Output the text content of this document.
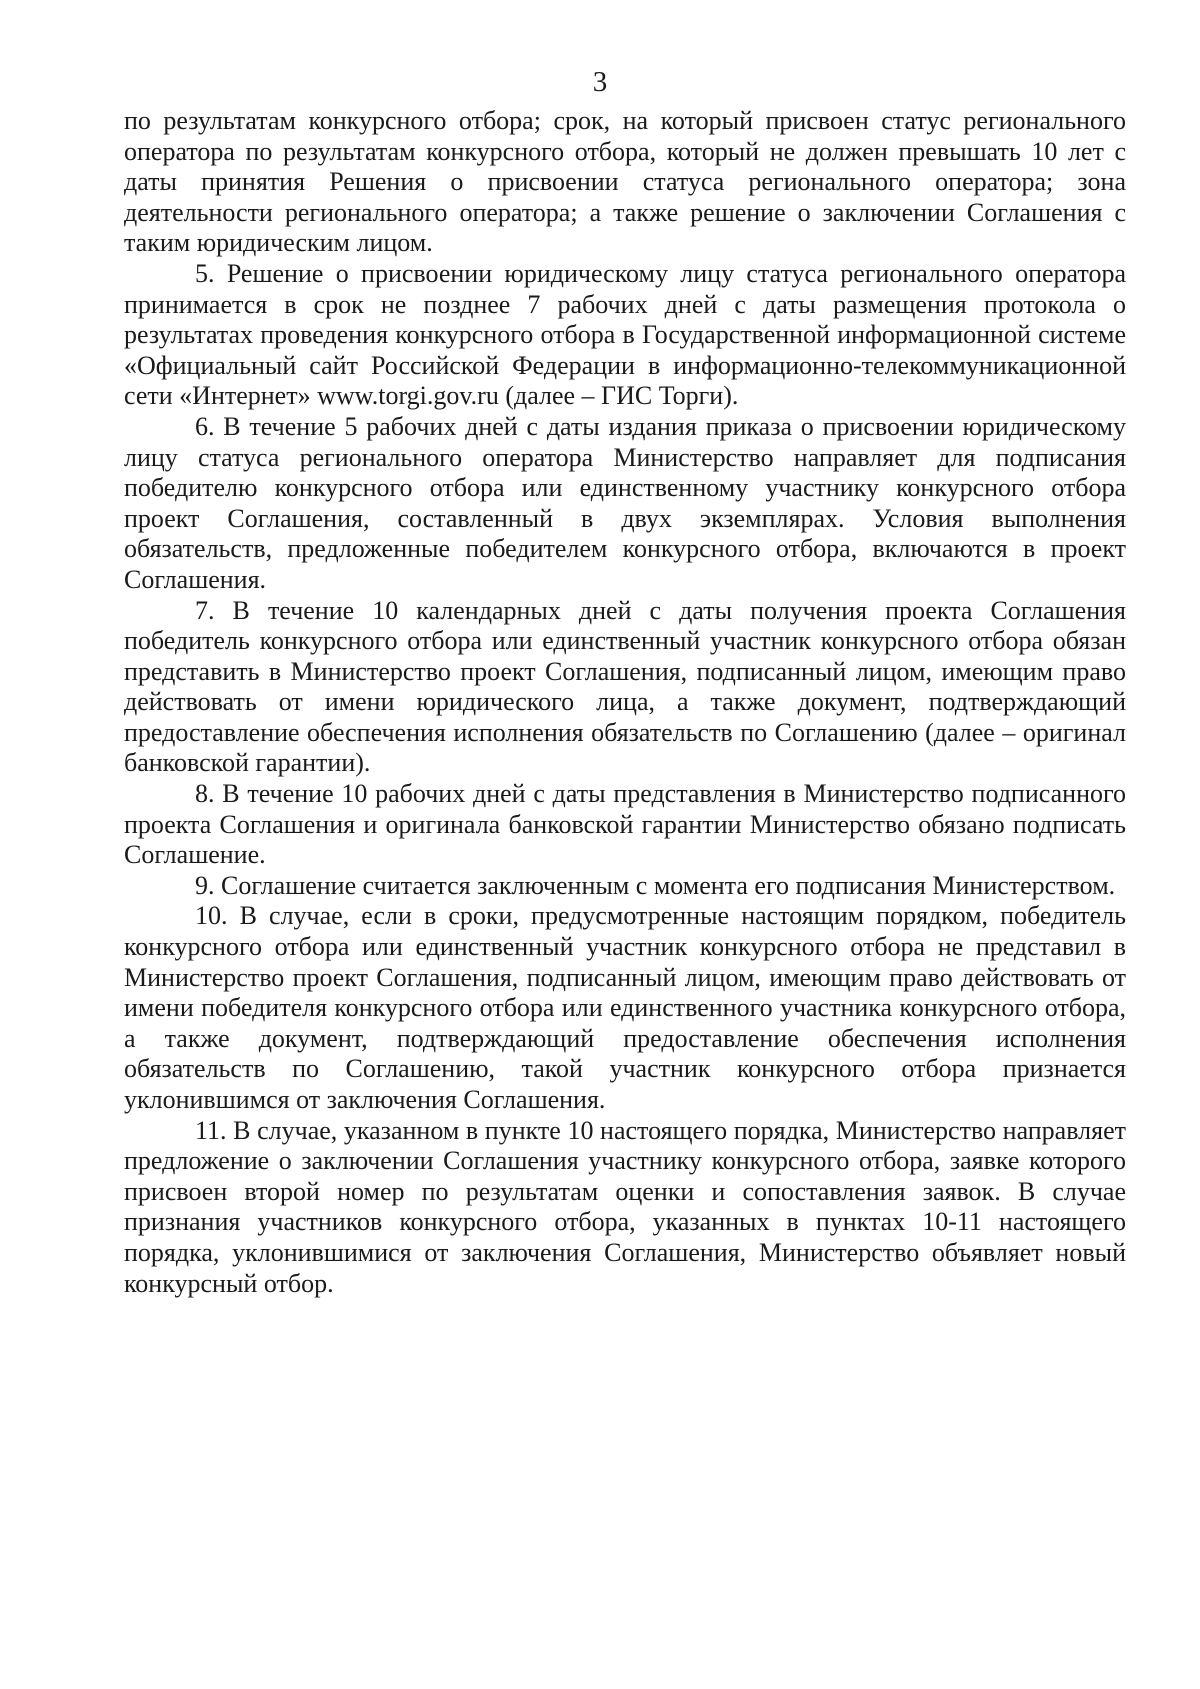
3

по результатам конкурсного отбора; срок, на который присвоен статус регионального оператора по результатам конкурсного отбора, который не должен превышать 10 лет с даты принятия Решения о присвоении статуса регионального оператора; зона деятельности регионального оператора; а также решение о заключении Соглашения с таким юридическим лицом.

5. Решение о присвоении юридическому лицу статуса регионального оператора принимается в срок не позднее 7 рабочих дней с даты размещения протокола о результатах проведения конкурсного отбора в Государственной информационной системе «Официальный сайт Российской Федерации в информационно-телекоммуникационной сети «Интернет» www.torgi.gov.ru (далее – ГИС Торги).

6. В течение 5 рабочих дней с даты издания приказа о присвоении юридическому лицу статуса регионального оператора Министерство направляет для подписания победителю конкурсного отбора или единственному участнику конкурсного отбора проект Соглашения, составленный в двух экземплярах. Условия выполнения обязательств, предложенные победителем конкурсного отбора, включаются в проект Соглашения.

7. В течение 10 календарных дней с даты получения проекта Соглашения победитель конкурсного отбора или единственный участник конкурсного отбора обязан представить в Министерство проект Соглашения, подписанный лицом, имеющим право действовать от имени юридического лица, а также документ, подтверждающий предоставление обеспечения исполнения обязательств по Соглашению (далее – оригинал банковской гарантии).

8. В течение 10 рабочих дней с даты представления в Министерство подписанного проекта Соглашения и оригинала банковской гарантии Министерство обязано подписать Соглашение.

9. Соглашение считается заключенным с момента его подписания Министерством.

10. В случае, если в сроки, предусмотренные настоящим порядком, победитель конкурсного отбора или единственный участник конкурсного отбора не представил в Министерство проект Соглашения, подписанный лицом, имеющим право действовать от имени победителя конкурсного отбора или единственного участника конкурсного отбора, а также документ, подтверждающий предоставление обеспечения исполнения обязательств по Соглашению, такой участник конкурсного отбора признается уклонившимся от заключения Соглашения.

11. В случае, указанном в пункте 10 настоящего порядка, Министерство направляет предложение о заключении Соглашения участнику конкурсного отбора, заявке которого присвоен второй номер по результатам оценки и сопоставления заявок. В случае признания участников конкурсного отбора, указанных в пунктах 10-11 настоящего порядка, уклонившимися от заключения Соглашения, Министерство объявляет новый конкурсный отбор.
